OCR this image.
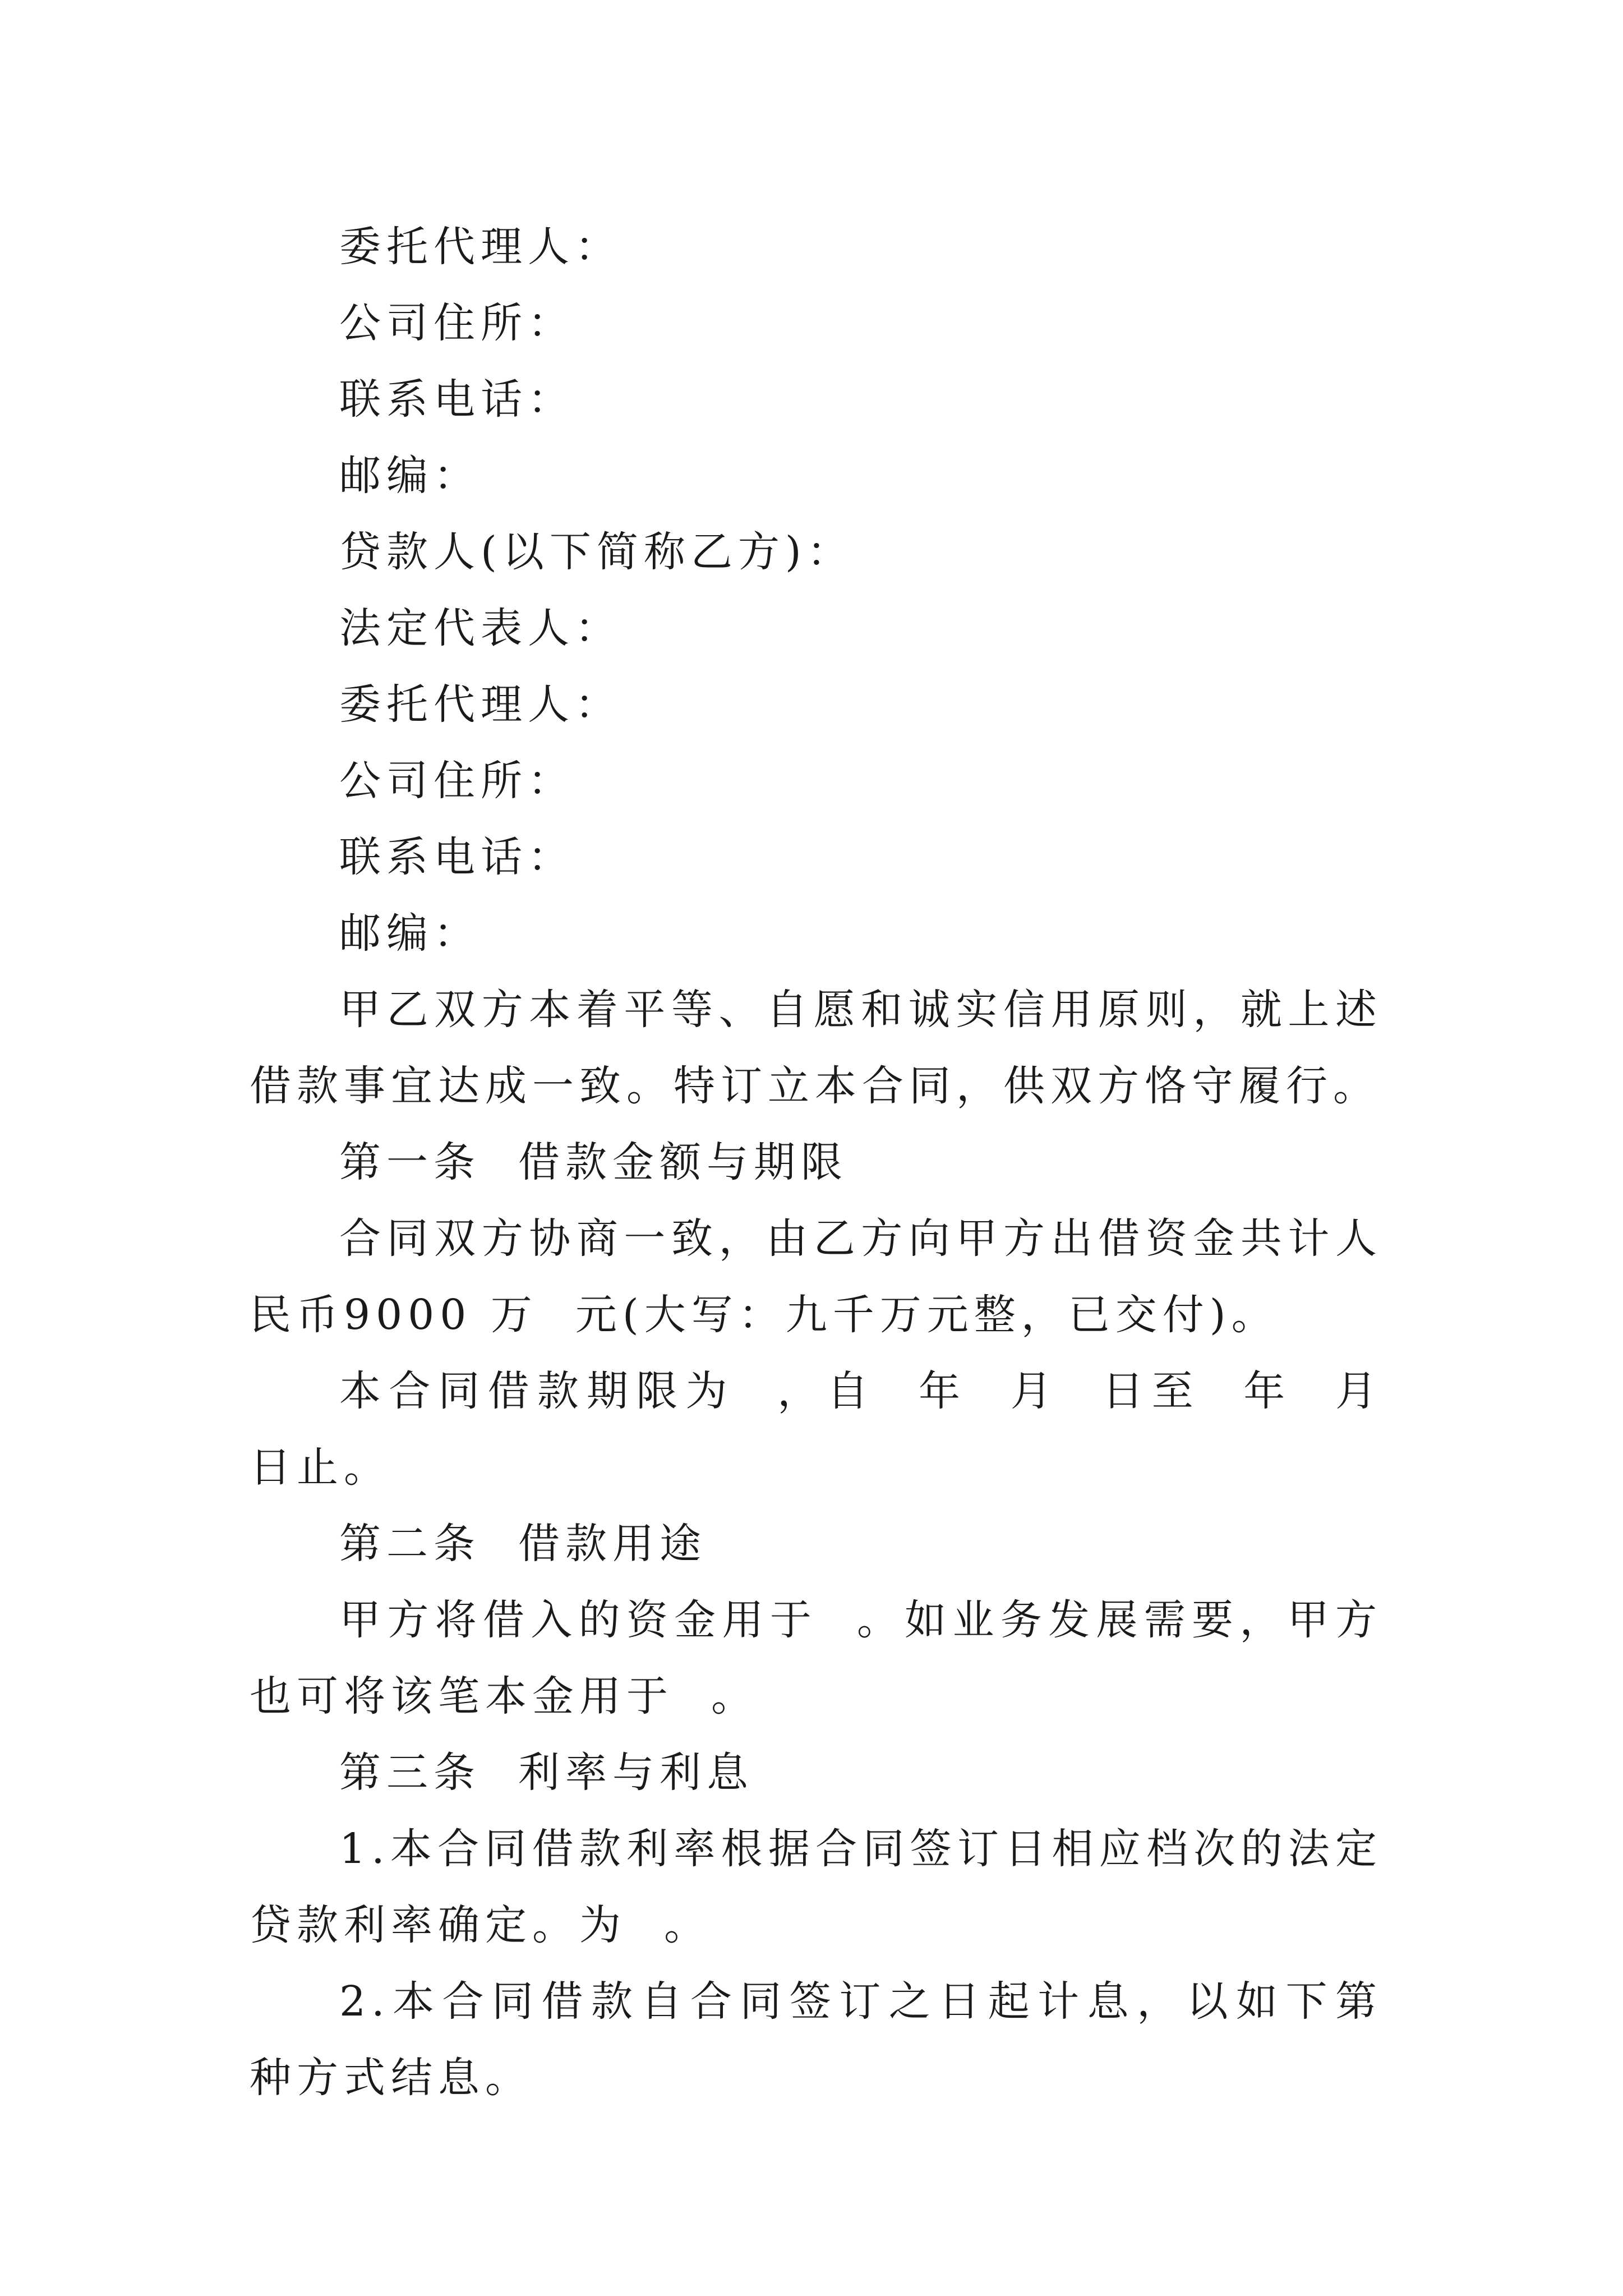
委托代理人：

公司住所：

联系电话：

邮编：

贷款人(以下简称乙方)：

法定代表人：

委托代理人：

公司住所：

联系电话：

邮编：

甲乙双方本着平等、自愿和诚实信用原则，就上述借款事宜达成一致。特订立本合同，供双方恪守履行。

第一条  借款金额与期限

合同双方协商一致，由乙方向甲方出借资金共计人民币9000 万  元(大写：九千万元整，已交付)。

本合同借款期限为  ，自  年  月  日至  年  月  日止。

第二条  借款用途

甲方将借入的资金用于  。如业务发展需要，甲方也可将该笔本金用于  。

第三条  利率与利息

1.本合同借款利率根据合同签订日相应档次的法定贷款利率确定。为  。

2.本合同借款自合同签订之日起计息，以如下第  种方式结息。
